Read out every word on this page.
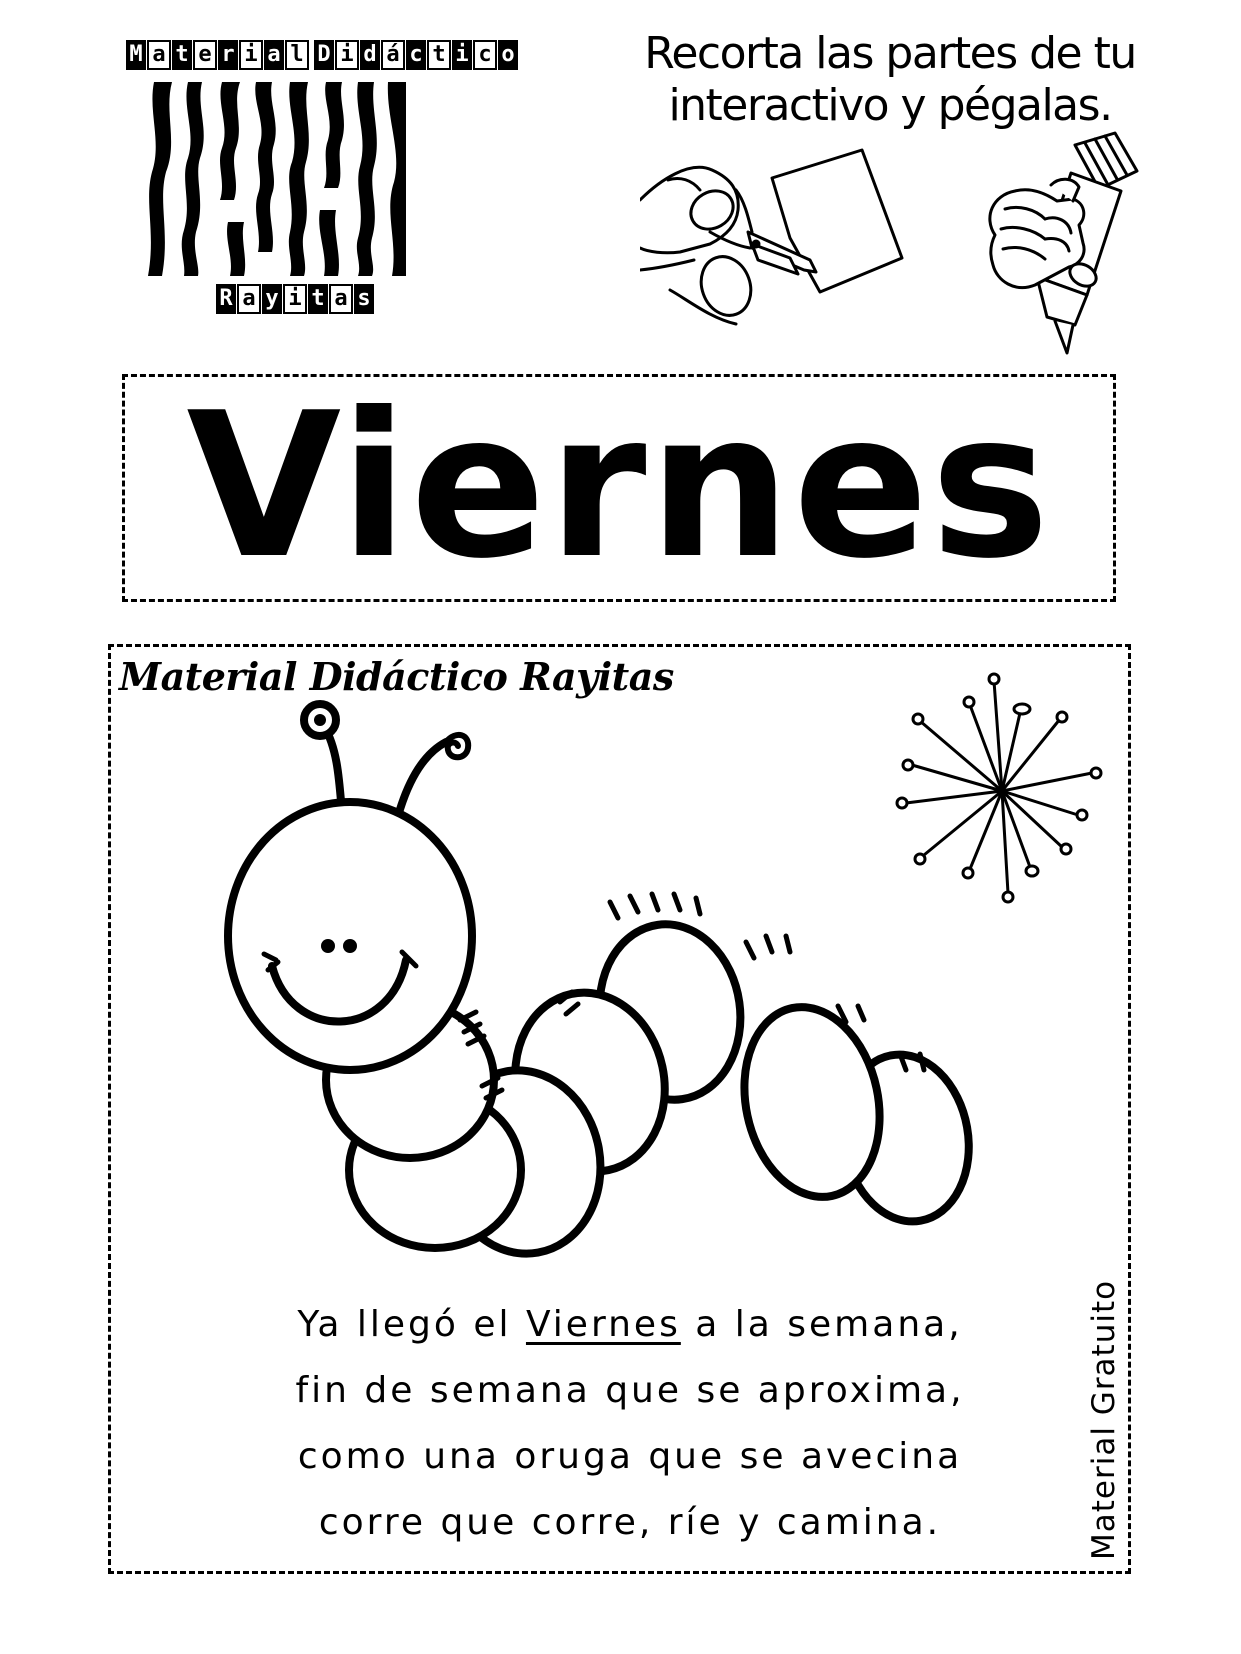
M a t e r i a l D i d á c t i c o
R a y i t a s
Recorta las partes de tu
interactivo y pégalas.
Viernes
Material Didáctico Rayitas
Material Gratuito
Ya llegó el Viernes a la semana,
fin de semana que se aproxima,
como una oruga que se avecina
corre que corre, ríe y camina.
